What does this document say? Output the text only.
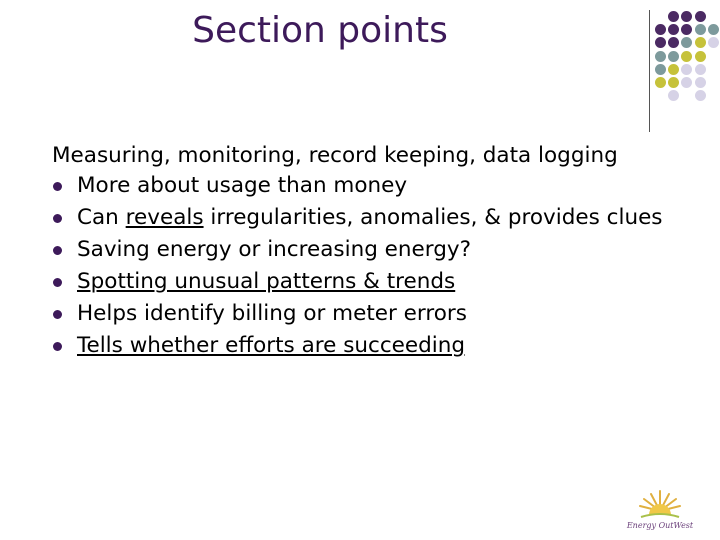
Section points
Measuring, monitoring, record keeping, data logging
More about usage than money
Can reveals irregularities, anomalies, & provides clues
Saving energy or increasing energy?
Spotting unusual patterns & trends
Helps identify billing or meter errors
Tells whether efforts are succeeding
Energy OutWest
